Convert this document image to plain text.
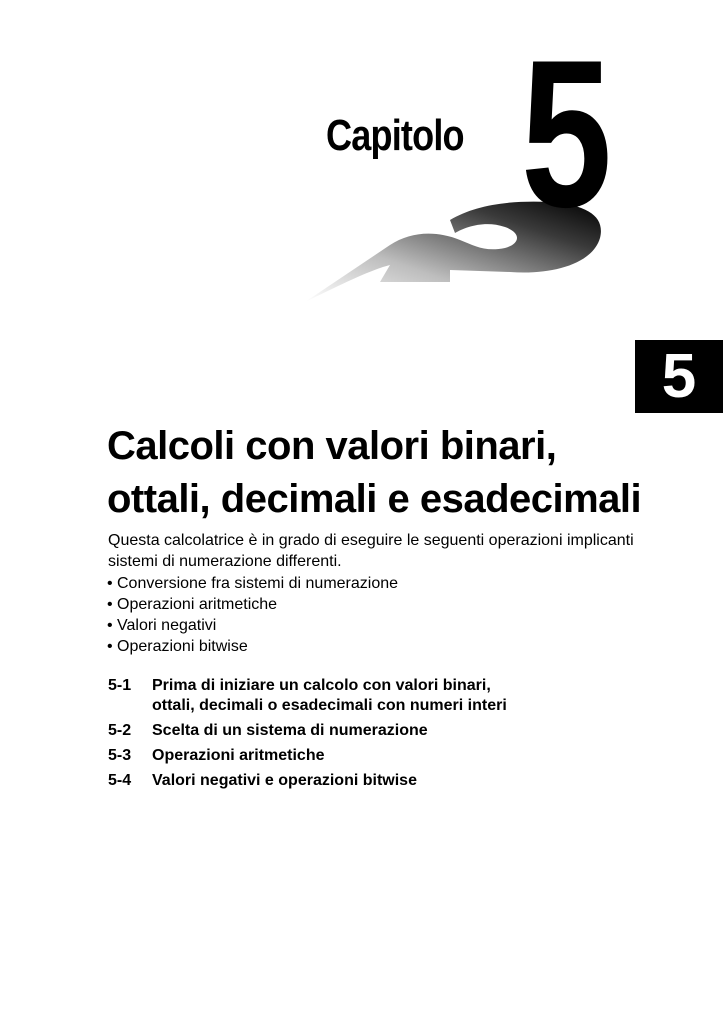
Capitolo 5
5
Calcoli con valori binari,
ottali, decimali e esadecimali

Questa calcolatrice è in grado di eseguire le seguenti operazioni implicanti sistemi di numerazione differenti.

• Conversione fra sistemi di numerazione
• Operazioni aritmetiche
• Valori negativi
• Operazioni bitwise
5-1	Prima di iniziare un calcolo con valori binari,
ottali, decimali o esadecimali con numeri interi
5-2	Scelta di un sistema di numerazione
5-3	Operazioni aritmetiche
5-4	Valori negativi e operazioni bitwise
